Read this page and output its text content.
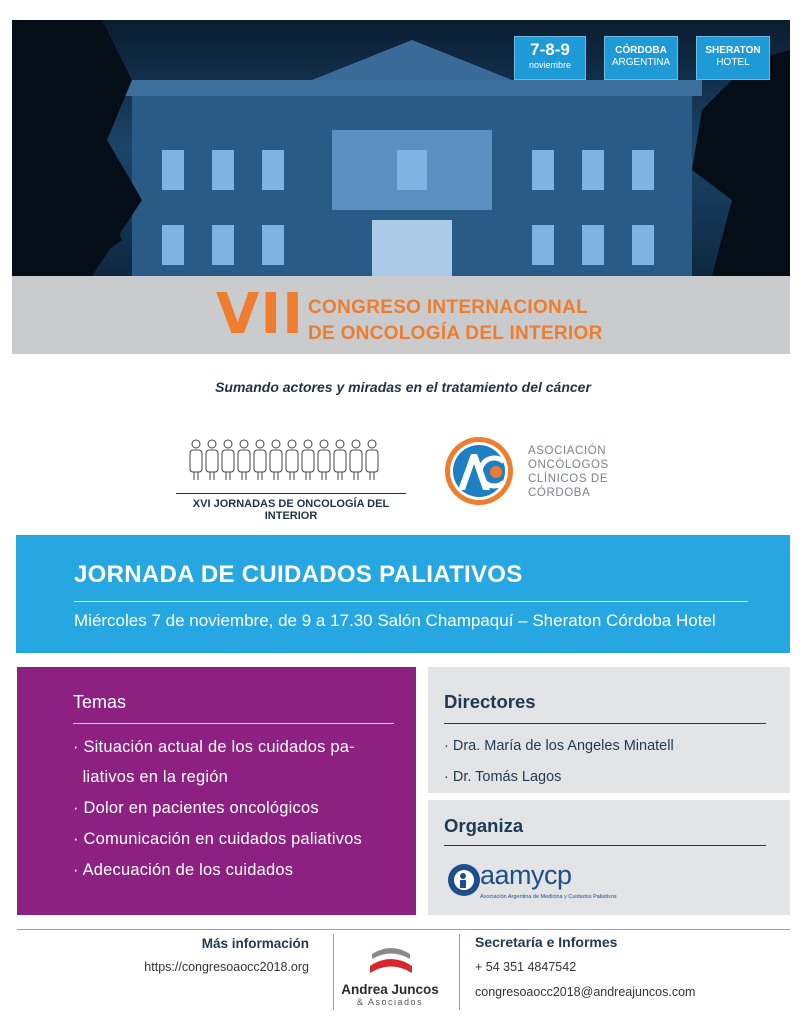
7-8-9
noviembre
CÓRDOBA
ARGENTINA
SHERATON
HOTEL
VII CONGRESO INTERNACIONAL
DE ONCOLOGÍA DEL INTERIOR
Sumando actores y miradas en el tratamiento del cáncer
XVI JORNADAS DE ONCOLOGÍA DEL INTERIOR
ASOCIACIÓN
ONCÓLOGOS
CLÍNICOS DE
CÓRDOBA
JORNADA DE CUIDADOS PALIATIVOS
Miércoles 7 de noviembre, de 9 a 17.30 Salón Champaquí – Sheraton Córdoba Hotel
Temas
· Situación actual de los cuidados pa-
liativos en la región
· Dolor en pacientes oncológicos
· Comunicación en cuidados paliativos
· Adecuación de los cuidados
Directores
· Dra. María de los Angeles Minatell
· Dr. Tomás Lagos
Organiza
aamycp
Asociación Argentina de Medicina y Cuidados Paliativos
Más información
https://congresoaocc2018.org
Andrea Juncos
& Asociados
Secretaría e Informes
+ 54 351 4847542
congresoaocc2018@andreajuncos.com
